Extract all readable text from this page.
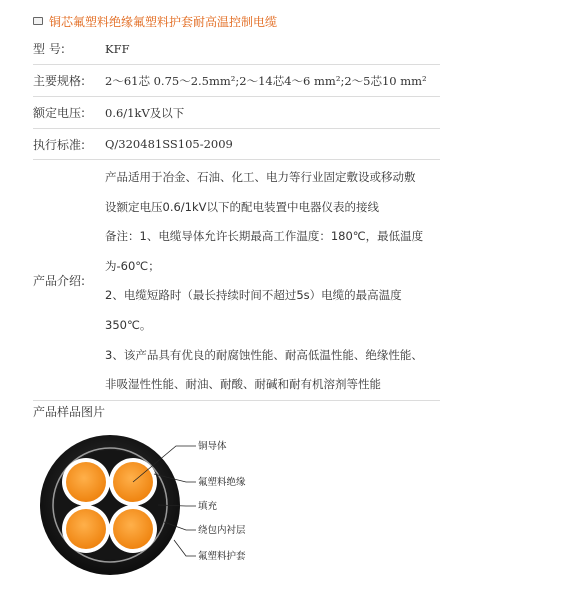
铜芯氟塑料绝缘氟塑料护套耐高温控制电缆
型 号:	KFF
主要规格:	2～61芯 0.75～2.5mm²;2～14芯4～6 mm²;2～5芯10 mm²
额定电压:	0.6/1kV及以下
执行标准:	Q/320481SS105-2009
产品介绍:
产品适用于冶金、石油、化工、电力等行业固定敷设或移动敷
设额定电压0.6/1kV以下的配电装置中电器仪表的接线
备注：1、电缆导体允许长期最高工作温度：180℃，最低温度
为-60℃；
2、电缆短路时（最长持续时间不超过5s）电缆的最高温度
350℃。
3、该产品具有优良的耐腐蚀性能、耐高低温性能、绝缘性能、
非吸湿性性能、耐油、耐酸、耐碱和耐有机溶剂等性能
产品样品图片
铜导体
氟塑料绝缘
填充
绕包内衬层
氟塑料护套
